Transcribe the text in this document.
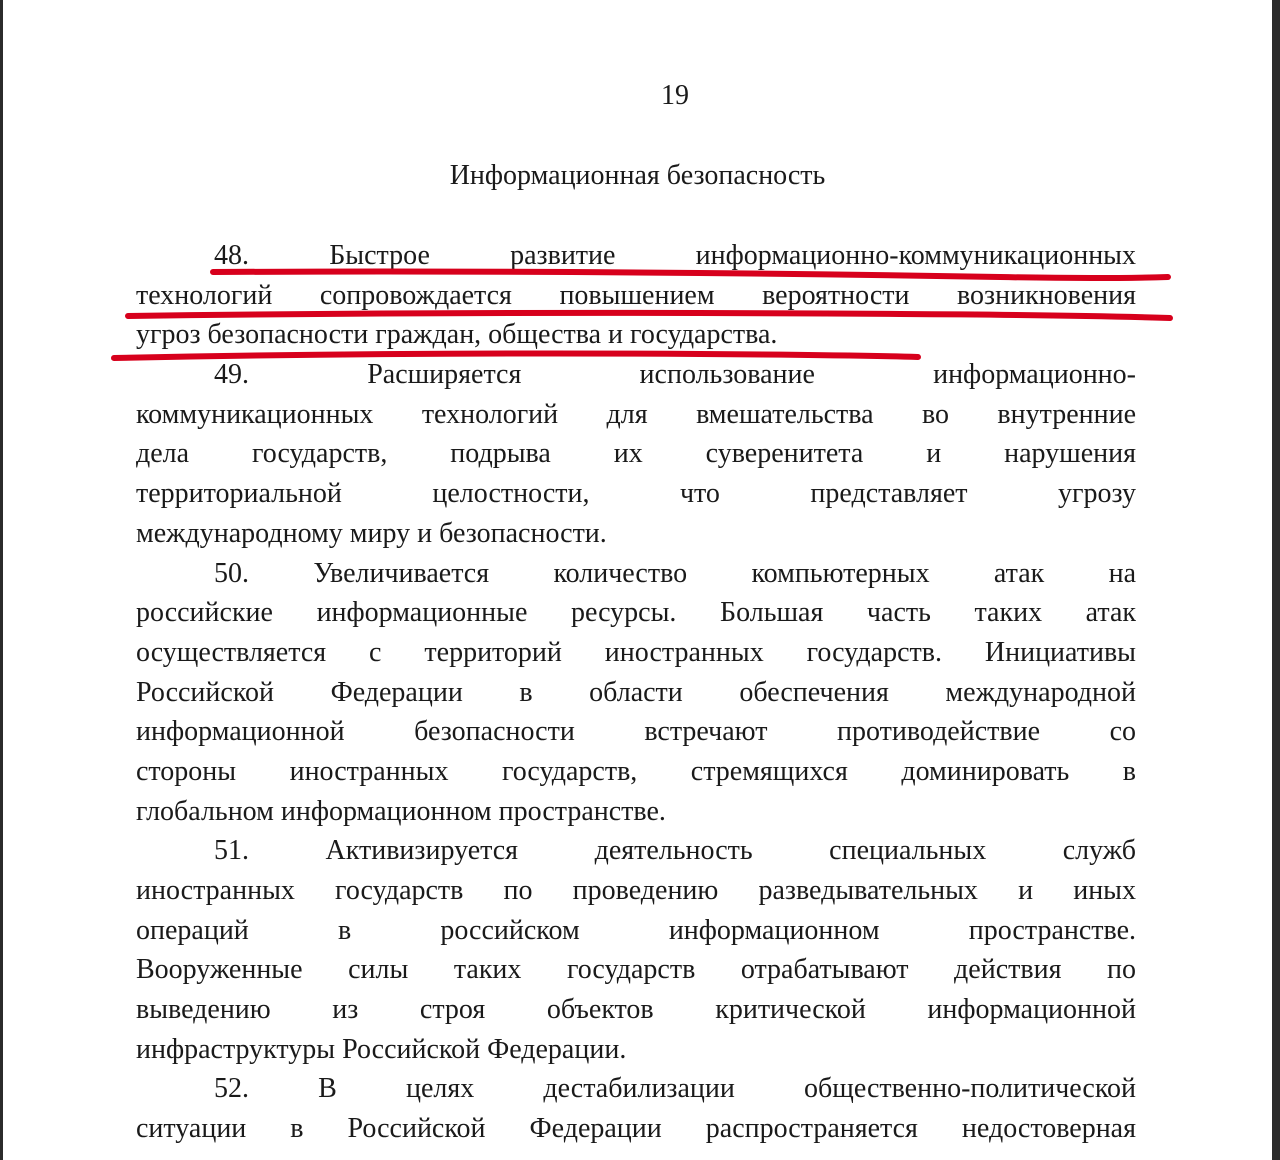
19
Информационная безопасность
48. Быстрое развитие информационно-коммуникационных
технологий сопровождается повышением вероятности возникновения
угроз безопасности граждан, общества и государства.
49. Расширяется использование информационно-
коммуникационных технологий для вмешательства во внутренние
дела государств, подрыва их суверенитета и нарушения
территориальной целостности, что представляет угрозу
международному миру и безопасности.
50. Увеличивается количество компьютерных атак на
российские информационные ресурсы. Большая часть таких атак
осуществляется с территорий иностранных государств. Инициативы
Российской Федерации в области обеспечения международной
информационной безопасности встречают противодействие со
стороны иностранных государств, стремящихся доминировать в
глобальном информационном пространстве.
51. Активизируется деятельность специальных служб
иностранных государств по проведению разведывательных и иных
операций в российском информационном пространстве.
Вооруженные силы таких государств отрабатывают действия по
выведению из строя объектов критической информационной
инфраструктуры Российской Федерации.
52. В целях дестабилизации общественно-политической
ситуации в Российской Федерации распространяется недостоверная
